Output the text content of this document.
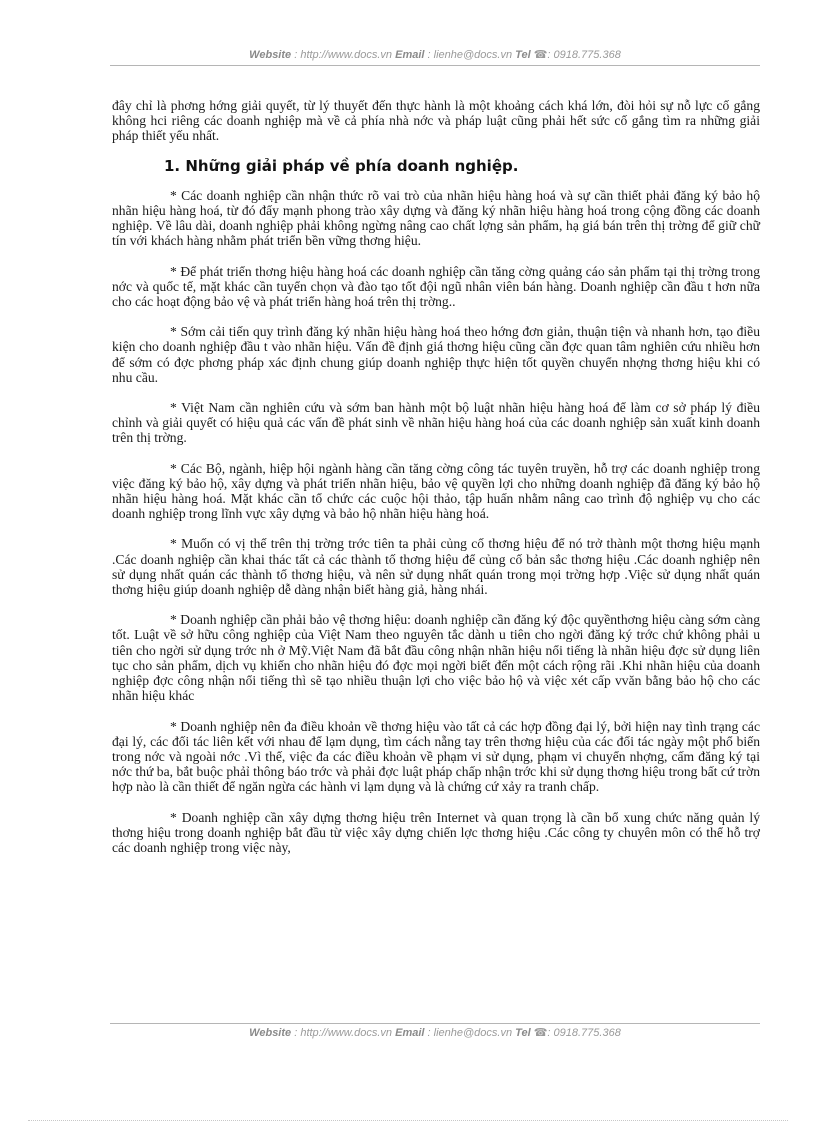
Website : http://www.docs.vn Email : lienhe@docs.vn Tel ☎: 0918.775.368

đây chỉ là phơng hớng giải quyết, từ lý thuyết đến thực hành là một khoảng cách khá lớn, đòi hỏi sự nỗ lực cố gắng không hci riêng các doanh nghiệp mà về cả phía nhà nớc và pháp luật cũng phải hết sức cố gắng tìm ra những giải pháp thiết yếu nhất.

1. Những giải pháp về phía doanh nghiệp.

* Các doanh nghiệp cần nhận thức rõ vai trò của nhãn hiệu hàng hoá và sự cần thiết phải đăng ký bảo hộ nhãn hiệu hàng hoá, từ đó đẩy mạnh phong trào xây dựng và đăng ký nhãn hiệu hàng hoá trong cộng đồng các doanh nghiệp. Về lâu dài, doanh nghiệp phải không ngừng nâng cao chất lợng sản phẩm, hạ giá bán trên thị trờng để giữ chữ tín với khách hàng nhằm phát triển bền vững thơng hiệu.

* Để phát triển thơng hiệu hàng hoá các doanh nghiệp cần tăng cờng quảng cáo sản phẩm tại thị trờng trong nớc và quốc tế, mặt khác cần tuyển chọn và đào tạo tốt đội ngũ nhân viên bán hàng. Doanh nghiệp cần đầu t hơn nữa cho các hoạt động bảo vệ và phát triển hàng hoá trên thị trờng..

* Sớm cải tiến quy trình đăng ký nhãn hiệu hàng hoá theo hớng đơn giản, thuận tiện và nhanh hơn, tạo điều kiện cho doanh nghiệp đầu t vào nhãn hiệu. Vấn đề định giá thơng hiệu cũng cần đợc quan tâm nghiên cứu nhiều hơn để sớm có đợc phơng pháp xác định chung giúp doanh nghiệp thực hiện tốt quyền chuyển nhợng thơng hiệu khi có nhu cầu.

* Việt Nam cần nghiên cứu và sớm ban hành một bộ luật nhãn hiệu hàng hoá để làm cơ sở pháp lý điều chỉnh và giải quyết có hiệu quả các vấn đề phát sinh về nhãn hiệu hàng hoá của các doanh nghiệp sản xuất kinh doanh trên thị trờng.

* Các Bộ, ngành, hiệp hội ngành hàng cần tăng cờng công tác tuyên truyền, hỗ trợ các doanh nghiệp trong việc đăng ký bảo hộ, xây dựng và phát triển nhãn hiệu, bảo vệ quyền lợi cho những doanh nghiệp đã đăng ký bảo hộ nhãn hiệu hàng hoá. Mặt khác cần tổ chức các cuộc hội thảo, tập huấn nhằm nâng cao trình độ nghiệp vụ cho các doanh nghiệp trong lĩnh vực xây dựng và bảo hộ nhãn hiệu hàng hoá.

* Muốn có vị thế trên thị trờng trớc tiên ta phải củng cố thơng hiệu để nó trở thành một thơng hiệu mạnh .Các doanh nghiệp cần khai thác tất cả các thành tố thơng hiệu để củng cố bản sắc thơng hiệu .Các doanh nghiệp nên sử dụng nhất quán các thành tố thơng hiệu, và nên sử dụng nhất quán trong mọi trờng hợp .Việc sử dụng nhất quán thơng hiệu giúp doanh nghiệp dễ dàng nhận biết hàng giả, hàng nhái.

* Doanh nghiệp cần phải bảo vệ thơng hiệu: doanh nghiệp cần đăng ký độc quyềnthơng hiệu càng sớm càng tốt. Luật về sở hữu công nghiệp của Việt Nam theo nguyên tắc dành u tiên cho ngời đăng ký trớc chứ không phải u tiên cho ngời sử dụng trớc nh ở Mỹ.Việt Nam đã bắt đầu công nhận nhãn hiệu nổi tiếng là nhãn hiệu đợc sử dụng liên tục cho sản phẩm, dịch vụ khiến cho nhãn hiệu đó đợc mọi ngời biết đến một cách rộng rãi .Khi nhãn hiệu của doanh nghiệp đợc công nhận nổi tiếng thì sẽ tạo nhiều thuận lợi cho việc bảo hộ và việc xét cấp vvăn bằng bảo hộ cho các nhãn hiệu khác

* Doanh nghiệp nên đa điều khoản về thơng hiệu vào tất cả các hợp đồng đại lý, bởi hiện nay tình trạng các đại lý, các đối tác liên kết với nhau để lạm dụng, tìm cách nẵng tay trên thơng hiệu của các đối tác ngày một phổ biến trong nớc và ngoài nớc .Vì thế, việc đa các điều khoản về phạm vi sử dụng, phạm vi chuyển nhợng, cấm đăng ký tại nớc thứ ba, bắt buộc phảỉ thông báo trớc và phải đợc luật pháp chấp nhận trớc khi sử dụng thơng hiệu trong bất cứ trờn hợp nào là cần thiết để ngăn ngừa các hành vi lạm dụng và là chứng cứ xảy ra tranh chấp.

* Doanh nghiệp cần xây dựng thơng hiệu trên Internet và quan trọng là cần bổ xung chức năng quản lý thơng hiệu trong doanh nghiệp bắt đầu từ việc xây dựng chiến lợc thơng hiệu .Các công ty chuyên môn có thể hỗ trợ các doanh nghiệp trong việc này,

Website : http://www.docs.vn Email : lienhe@docs.vn Tel ☎: 0918.775.368
